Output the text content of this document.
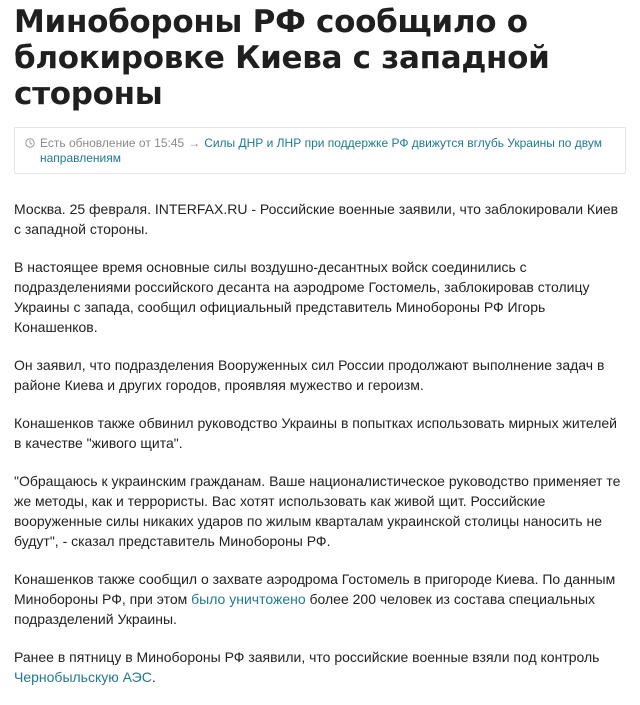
Минобороны РФ сообщило о блокировке Киева с западной стороны
Есть обновление от 15:45 → Силы ДНР и ЛНР при поддержке РФ движутся вглубь Украины по двум направлениям

Москва. 25 февраля. INTERFAX.RU - Российские военные заявили, что заблокировали Киев с западной стороны.

В настоящее время основные силы воздушно-десантных войск соединились с подразделениями российского десанта на аэродроме Гостомель, заблокировав столицу Украины с запада, сообщил официальный представитель Минобороны РФ Игорь Конашенков.

Он заявил, что подразделения Вооруженных сил России продолжают выполнение задач в районе Киева и других городов, проявляя мужество и героизм.

Конашенков также обвинил руководство Украины в попытках использовать мирных жителей в качестве "живого щита".

"Обращаюсь к украинским гражданам. Ваше националистическое руководство применяет те же методы, как и террористы. Вас хотят использовать как живой щит. Российские вооруженные силы никаких ударов по жилым кварталам украинской столицы наносить не будут", - сказал представитель Минобороны РФ.

Конашенков также сообщил о захвате аэродрома Гостомель в пригороде Киева. По данным Минобороны РФ, при этом было уничтожено более 200 человек из состава специальных подразделений Украины.

Ранее в пятницу в Минобороны РФ заявили, что российские военные взяли под контроль Чернобыльскую АЭС.
